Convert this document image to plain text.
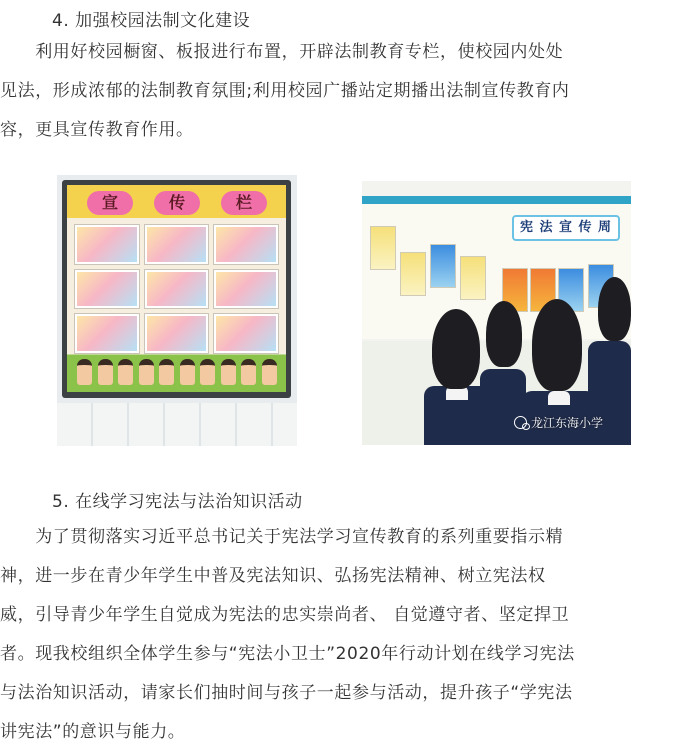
4. 加强校园法制文化建设
　　利用好校园橱窗、板报进行布置，开辟法制教育专栏，使校园内处处
见法，形成浓郁的法制教育氛围;利用校园广播站定期播出法制宣传教育内
容，更具宣传教育作用。
宣	传	栏
宪 法 宣 传 周
龙江东海小学
5. 在线学习宪法与法治知识活动
　　为了贯彻落实习近平总书记关于宪法学习宣传教育的系列重要指示精
神，进一步在青少年学生中普及宪法知识、弘扬宪法精神、树立宪法权
威，引导青少年学生自觉成为宪法的忠实崇尚者、 自觉遵守者、坚定捍卫
者。现我校组织全体学生参与“宪法小卫士”2020年行动计划在线学习宪法
与法治知识活动，请家长们抽时间与孩子一起参与活动，提升孩子“学宪法
讲宪法”的意识与能力。
